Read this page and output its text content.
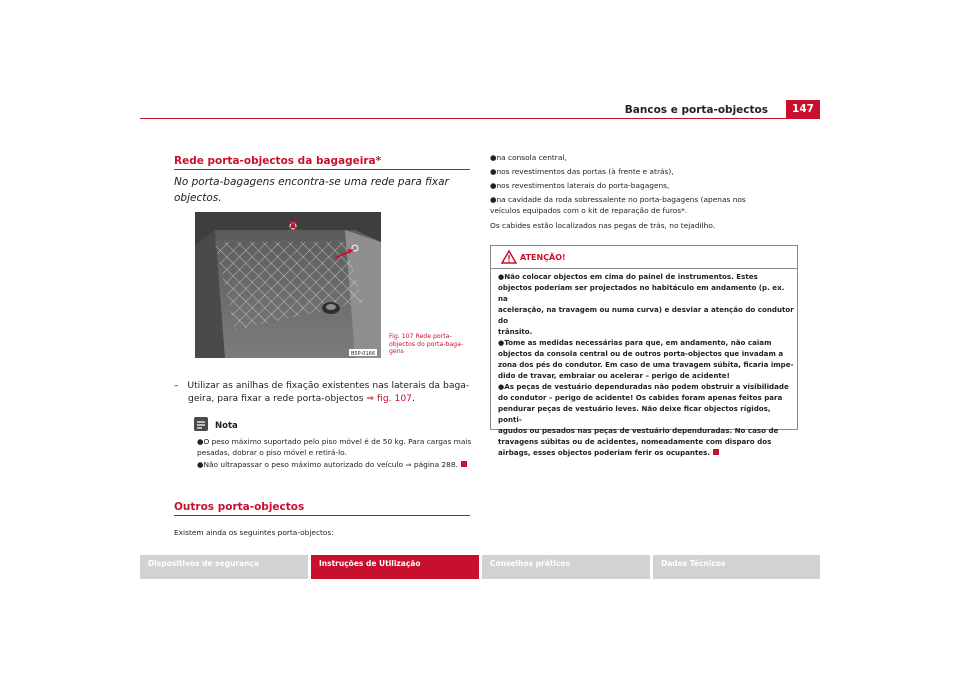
Bancos e porta-objectos	147
Rede porta-objectos da bagageira*
No porta-bagagens encontra-se uma rede para fixar objectos.
B5P-0166
Fig. 107 Rede porta-objectos do porta-baga-gens
– Utilizar as anilhas de fixação existentes nas laterais da baga-
geira, para fixar a rede porta-objectos ⇒ fig. 107.
Nota
●O peso máximo suportado pelo piso móvel é de 50 kg. Para cargas mais
pesadas, dobrar o piso móvel e retirá-lo.
●Não ultrapassar o peso máximo autorizado do veículo ⇒ página 288.
Outros porta-objectos
Existem ainda os seguintes porta-objectos:
●na consola central,
●nos revestimentos das portas (à frente e atrás),
●nos revestimentos laterais do porta-bagagens,
●na cavidade da roda sobressalente no porta-bagagens (apenas nos
veículos equipados com o kit de reparação de furos*.
Os cabides estão localizados nas pegas de trás, no tejadilho.
ATENÇÃO!
●Não colocar objectos em cima do painel de instrumentos. Estes
objectos poderiam ser projectados no habitáculo em andamento (p. ex. na
aceleração, na travagem ou numa curva) e desviar a atenção do condutor do
trânsito.
●Tome as medidas necessárias para que, em andamento, não caiam
objectos da consola central ou de outros porta-objectos que invadam a
zona dos pés do condutor. Em caso de uma travagem súbita, ficaria impe-
dido de travar, embraiar ou acelerar – perigo de acidente!
●As peças de vestuário dependuradas não podem obstruir a visibilidade
do condutor – perigo de acidente! Os cabides foram apenas feitos para
pendurar peças de vestuário leves. Não deixe ficar objectos rígidos, ponti-
agudos ou pesados nas peças de vestuário dependuradas. No caso de
travagens súbitas ou de acidentes, nomeadamente com disparo dos
airbags, esses objectos poderiam ferir os ocupantes.
Dispositivos de segurança	Instruções de Utilização	Conselhos práticos	Dados Técnicos
